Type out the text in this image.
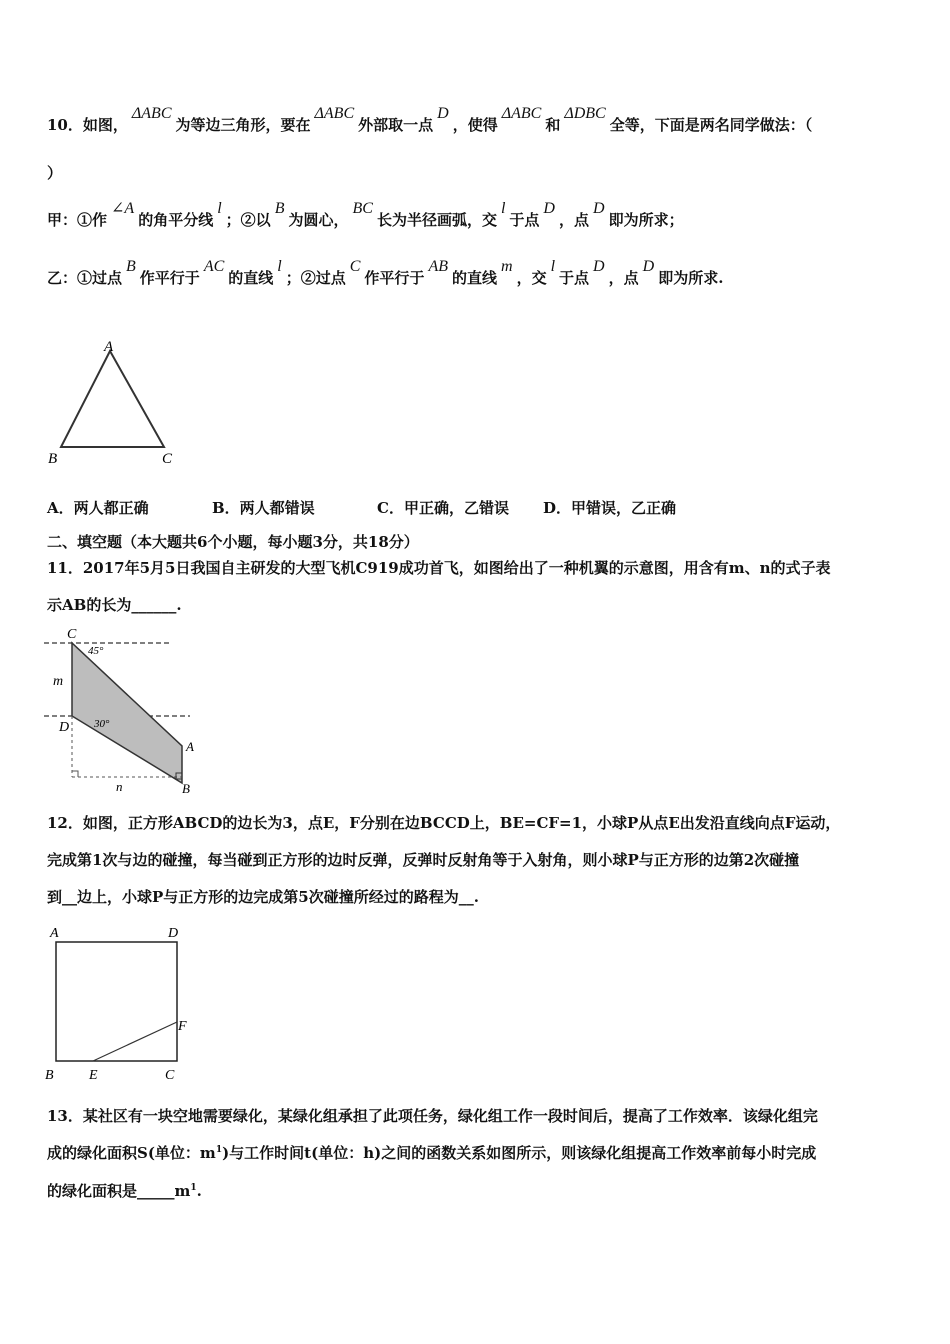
10．如图，ΔABC为等边三角形，要在ΔABC外部取一点D，使得ΔABC和ΔDBC全等，下面是两名同学做法：（
）
甲：①作∠A的角平分线l；②以B为圆心，BC长为半径画弧，交l于点D，点D即为所求；
乙：①过点B作平行于AC的直线l；②过点C作平行于AB的直线m，交l于点D，点D即为所求.
A
B	C
A．两人都正确	B．两人都错误	C．甲正确，乙错误 D．甲错误，乙正确
二、填空题（本大题共6个小题，每小题3分，共18分）
11．2017年5月5日我国自主研发的大型飞机C919成功首飞，如图给出了一种机翼的示意图，用含有m、n的式子表
示AB的长为______.
C
45°
m
D 30°
A
B
n
12．如图，正方形ABCD的边长为3，点E，F分别在边BCCD上，BE=CF=1，小球P从点E出发沿直线向点F运动，
完成第1次与边的碰撞，每当碰到正方形的边时反弹，反弹时反射角等于入射角，则小球P与正方形的边第2次碰撞
到__边上，小球P与正方形的边完成第5次碰撞所经过的路程为__.
A	D
F
B	E	C
13．某社区有一块空地需要绿化，某绿化组承担了此项任务，绿化组工作一段时间后，提高了工作效率．该绿化组完
成的绿化面积S(单位：$m^1$)与工作时间t(单位：h)之间的函数关系如图所示，则该绿化组提高工作效率前每小时完成
的绿化面积是$\_\_\_\_\_m^1$.
